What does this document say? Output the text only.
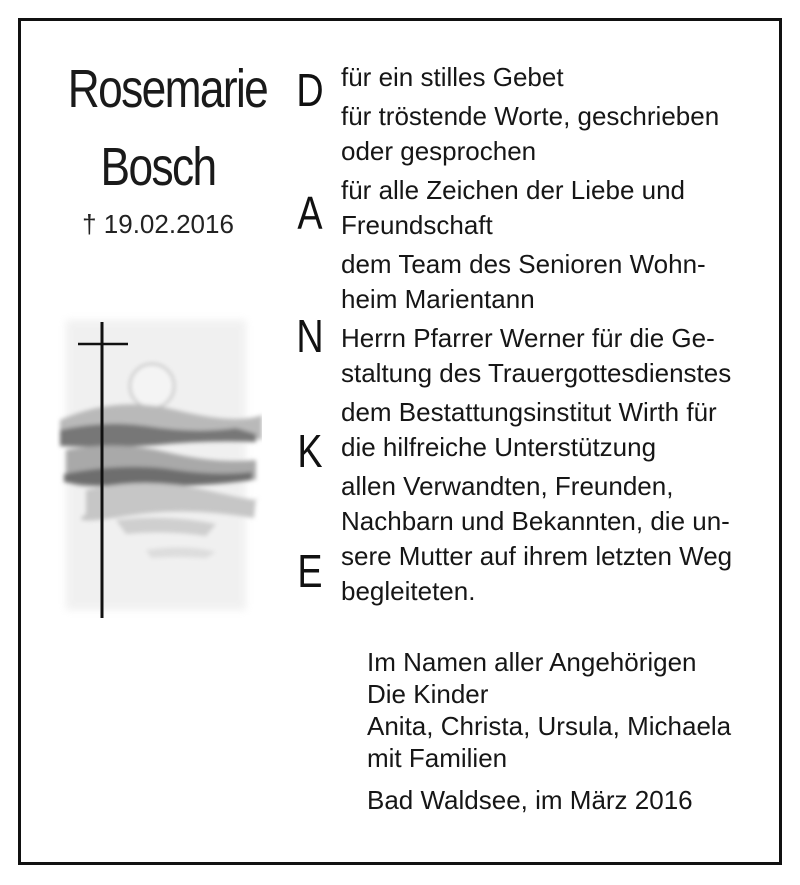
Rosemarie
Bosch
† 19.02.2016
D
A
N
K
E
für ein stilles Gebet
für tröstende Worte, geschrieben
oder gesprochen
für alle Zeichen der Liebe und
Freundschaft
dem Team des Senioren Wohn-
heim Marientann
Herrn Pfarrer Werner für die Ge-
staltung des Trauergottesdienstes
dem Bestattungsinstitut Wirth für
die hilfreiche Unterstützung
allen Verwandten, Freunden,
Nachbarn und Bekannten, die un-
sere Mutter auf ihrem letzten Weg
begleiteten.
Im Namen aller Angehörigen
Die Kinder
Anita, Christa, Ursula, Michaela
mit Familien
Bad Waldsee, im März 2016
